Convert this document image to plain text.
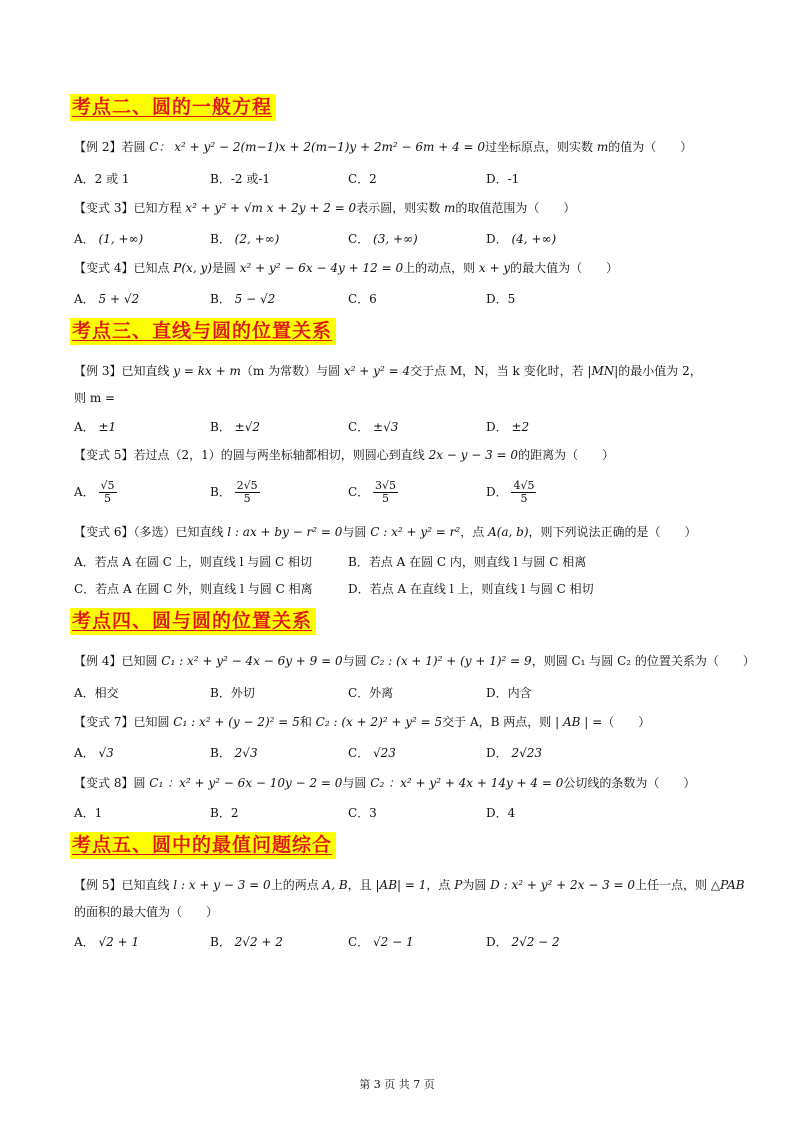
考点二、圆的一般方程
【例 2】若圆 C： x² + y² − 2(m−1)x + 2(m−1)y + 2m² − 6m + 4 = 0过坐标原点，则实数 m的值为（　　）
A．2 或 1	B．-2 或-1	C．2	D．-1
【变式 3】已知方程 x² + y² + √m x + 2y + 2 = 0表示圆，则实数 m的取值范围为（　　）
A． (1, +∞)	B． (2, +∞)	C． (3, +∞)	D． (4, +∞)
【变式 4】已知点 P(x, y)是圆 x² + y² − 6x − 4y + 12 = 0上的动点，则 x + y的最大值为（　　）
A． 5 + √2	B． 5 − √2	C．6	D．5
考点三、直线与圆的位置关系
【例 3】已知直线 y = kx + m（m 为常数）与圆 x² + y² = 4交于点 M，N，当 k 变化时，若 |MN|的最小值为 2，
则 m =
A． ±1	B． ±√2	C． ±√3	D． ±2
【变式 5】若过点（2，1）的圆与两坐标轴都相切，则圆心到直线 2x − y − 3 = 0的距离为（　　）
A． $\frac{√5}{5}$	B． $\frac{2√5}{5}$	C． $\frac{3√5}{5}$	D． $\frac{4√5}{5}$
【变式 6】（多选）已知直线 l : ax + by − r² = 0与圆 C : x² + y² = r²，点 A(a, b)，则下列说法正确的是（　　）
A．若点 A 在圆 C 上，则直线 l 与圆 C 相切	B．若点 A 在圆 C 内，则直线 l 与圆 C 相离
C．若点 A 在圆 C 外，则直线 l 与圆 C 相离	D．若点 A 在直线 l 上，则直线 l 与圆 C 相切
考点四、圆与圆的位置关系
【例 4】已知圆 C₁ : x² + y² − 4x − 6y + 9 = 0与圆 C₂ : (x + 1)² + (y + 1)² = 9，则圆 C₁ 与圆 C₂ 的位置关系为（　　）
A．相交	B．外切	C．外离	D．内含
【变式 7】已知圆 C₁ : x² + (y − 2)² = 5和 C₂ : (x + 2)² + y² = 5交于 A，B 两点，则 | AB | =（　　）
A． √3	B． 2√3	C． √23	D． 2√23
【变式 8】圆 C₁ ：x² + y² − 6x − 10y − 2 = 0与圆 C₂ ：x² + y² + 4x + 14y + 4 = 0公切线的条数为（　　）
A．1	B．2	C．3	D．4
考点五、圆中的最值问题综合
【例 5】已知直线 l : x + y − 3 = 0上的两点 A, B，且 |AB| = 1，点 P为圆 D : x² + y² + 2x − 3 = 0上任一点，则 △PAB
的面积的最大值为（　　）
A． √2 + 1	B． 2√2 + 2	C． √2 − 1	D． 2√2 − 2
第 3 页 共 7 页
